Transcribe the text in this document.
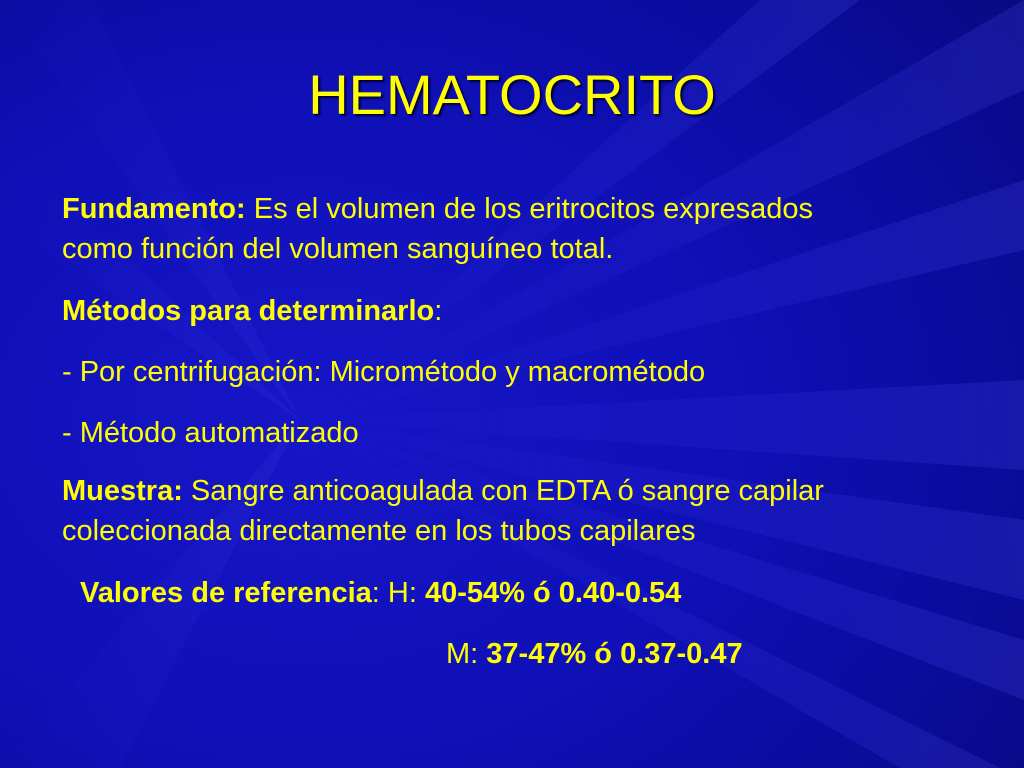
HEMATOCRITO
Fundamento: Es el volumen de los eritrocitos expresados
como función del volumen sanguíneo total.
Métodos para determinarlo:
- Por centrifugación: Micrométodo y macrométodo
- Método automatizado
Muestra: Sangre anticoagulada con EDTA ó sangre capilar
coleccionada directamente en los tubos capilares
Valores de referencia: H: 40-54% ó 0.40-0.54
M: 37-47% ó 0.37-0.47
